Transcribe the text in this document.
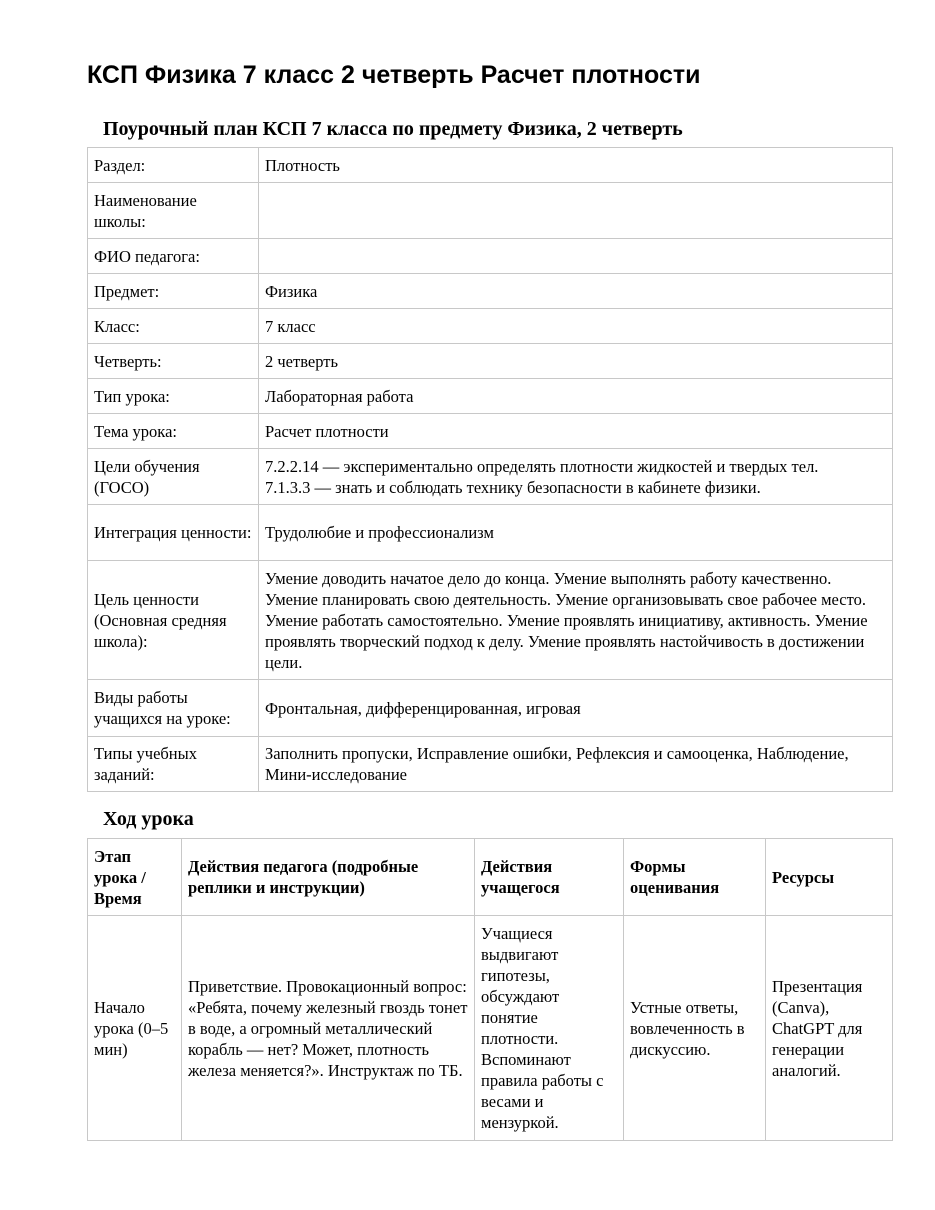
КСП Физика 7 класс 2 четверть Расчет плотности
Поурочный план КСП 7 класса по предмету Физика, 2 четверть
Раздел:	Плотность
Наименование школы:	
ФИО педагога:	
Предмет:	Физика
Класс:	7 класс
Четверть:	2 четверть
Тип урока:	Лабораторная работа
Тема урока:	Расчет плотности
Цели обучения (ГОСО)	7.2.2.14 — экспериментально определять плотности жидкостей и твердых тел.
7.1.3.3 — знать и соблюдать технику безопасности в кабинете физики.
Интеграция ценности:	Трудолюбие и профессионализм
Цель ценности (Основная средняя школа):	Умение доводить начатое дело до конца. Умение выполнять работу качественно. Умение планировать свою деятельность. Умение организовывать свое рабочее место. Умение работать самостоятельно. Умение проявлять инициативу, активность. Умение проявлять творческий подход к делу. Умение проявлять настойчивость в достижении цели.
Виды работы учащихся на уроке:	Фронтальная, дифференцированная, игровая
Типы учебных заданий:	Заполнить пропуски, Исправление ошибки, Рефлексия и самооценка, Наблюдение, Мини-исследование
Ход урока
Этап урока / Время	Действия педагога (подробные реплики и инструкции)	Действия учащегося	Формы оценивания	Ресурсы
Начало урока (0–5 мин)	Приветствие. Провокационный вопрос: «Ребята, почему железный гвоздь тонет в воде, а огромный металлический корабль — нет? Может, плотность железа меняется?». Инструктаж по ТБ.	Учащиеся выдвигают гипотезы, обсуждают понятие плотности. Вспоминают правила работы с весами и мензуркой.	Устные ответы, вовлеченность в дискуссию.	Презентация (Canva), ChatGPT для генерации аналогий.
